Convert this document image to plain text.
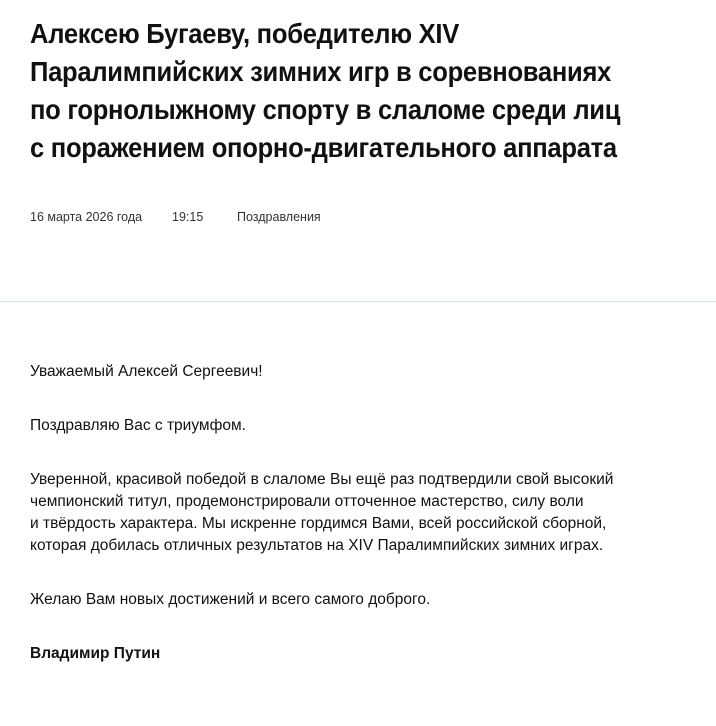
Алексею Бугаеву, победителю XIV
Паралимпийских зимних игр в соревнованиях
по горнолыжному спорту в слаломе среди лиц
с поражением опорно-двигательного аппарата
16 марта 2026 года	19:15	Поздравления

Уважаемый Алексей Сергеевич!

Поздравляю Вас с триумфом.

Уверенной, красивой победой в слаломе Вы ещё раз подтвердили свой высокий
чемпионский титул, продемонстрировали отточенное мастерство, силу воли
и твёрдость характера. Мы искренне гордимся Вами, всей российской сборной,
которая добилась отличных результатов на XIV Паралимпийских зимних играх.

Желаю Вам новых достижений и всего самого доброго.

Владимир Путин
